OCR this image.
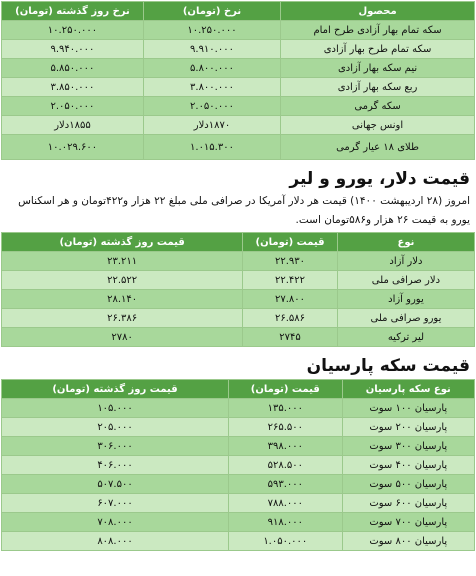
محصول	نرخ (تومان)	نرخ روز گذشته (تومان)
سکه تمام بهار آزادی طرح امام	۱۰.۲۵۰.۰۰۰	۱۰.۲۵۰.۰۰۰
سکه تمام طرح بهار آزادی	۹.۹۱۰.۰۰۰	۹.۹۴۰.۰۰۰
نیم سکه بهار آزادی	۵.۸۰۰.۰۰۰	۵.۸۵۰.۰۰۰
ربع سکه بهار آزادی	۳.۸۰۰.۰۰۰	۳.۸۵۰.۰۰۰
سکه گرمی	۲.۰۵۰.۰۰۰	۲.۰۵۰.۰۰۰
اونس جهانی	۱۸۷۰دلار	۱۸۵۵دلار
طلای ۱۸ عیار گرمی	۱.۰۱۵.۳۰۰	۱۰.۰۲۹.۶۰۰
قیمت دلار، یورو و لیر

امروز (۲۸ اردیبهشت ۱۴۰۰) قیمت هر دلار آمریکا در صرافی ملی مبلغ ۲۲ هزار و۴۲۲تومان و هر اسکناس یورو به قیمت ۲۶ هزار و۵۸۶تومان است.

نوع	قیمت (تومان)	قیمت روز گذشته (تومان)
دلار آزاد	۲۲.۹۳۰	۲۳.۲۱۱
دلار صرافی ملی	۲۲.۴۲۲	۲۲.۵۲۲
یورو آزاد	۲۷.۸۰۰	۲۸.۱۴۰
یورو صرافی ملی	۲۶.۵۸۶	۲۶.۳۸۶
لیر ترکیه	۲۷۴۵	۲۷۸۰
قیمت سکه پارسیان
نوع سکه پارسیان	قیمت (تومان)	قیمت روز گذشته (تومان)
پارسیان ۱۰۰ سوت	۱۳۵.۰۰۰	۱۰۵.۰۰۰
پارسیان ۲۰۰ سوت	۲۶۵.۵۰۰	۲۰۵.۰۰۰
پارسیان ۳۰۰ سوت	۳۹۸.۰۰۰	۳۰۶.۰۰۰
پارسیان ۴۰۰ سوت	۵۲۸.۵۰۰	۴۰۶.۰۰۰
پارسیان ۵۰۰ سوت	۵۹۳.۰۰۰	۵۰۷.۵۰۰
پارسیان ۶۰۰ سوت	۷۸۸.۰۰۰	۶۰۷.۰۰۰
پارسیان ۷۰۰ سوت	۹۱۸.۰۰۰	۷۰۸.۰۰۰
پارسیان ۸۰۰ سوت	۱.۰۵۰.۰۰۰	۸۰۸.۰۰۰
